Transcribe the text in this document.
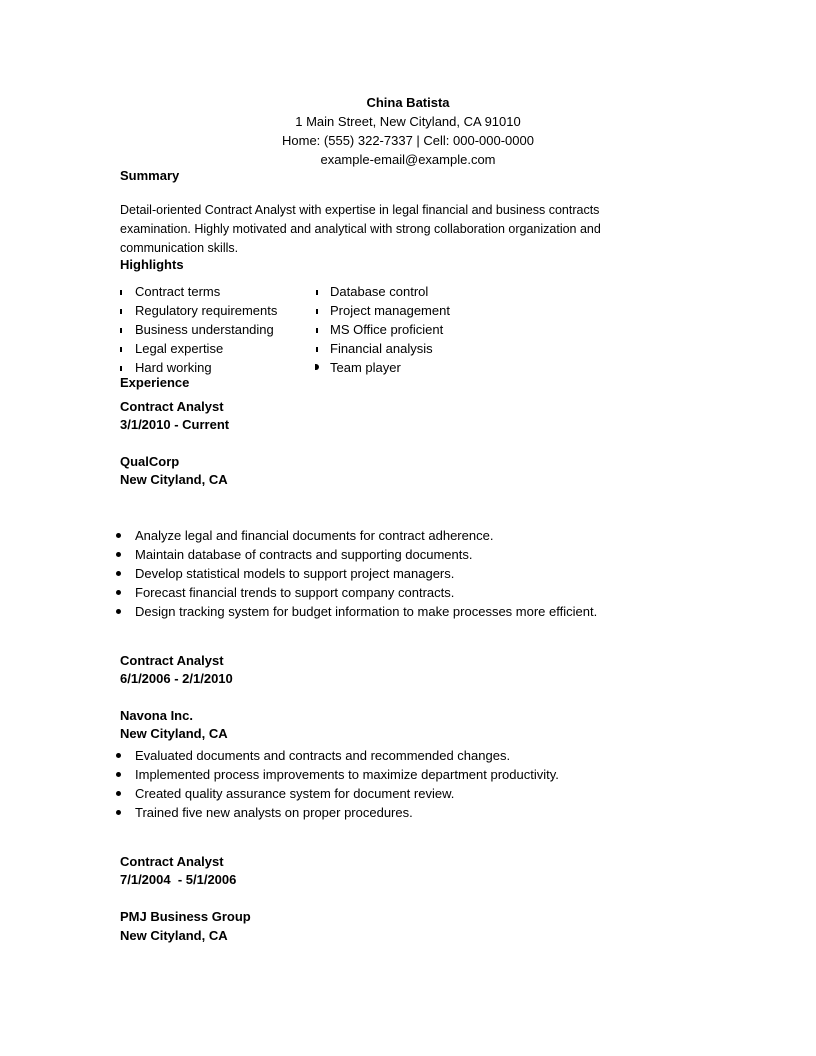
China Batista
1 Main Street, New Cityland, CA 91010
Home: (555) 322-7337 | Cell: 000-000-0000
example-email@example.com
Summary
Detail-oriented Contract Analyst with expertise in legal financial and business contracts
examination. Highly motivated and analytical with strong collaboration organization and
communication skills.
Highlights
Contract terms
Regulatory requirements
Business understanding
Legal expertise
Hard working
Database control
Project management
MS Office proficient
Financial analysis
Team player
Experience
Contract Analyst
3/1/2010 - Current
QualCorp
New Cityland, CA
Analyze legal and financial documents for contract adherence.
Maintain database of contracts and supporting documents.
Develop statistical models to support project managers.
Forecast financial trends to support company contracts.
Design tracking system for budget information to make processes more efficient.
Contract Analyst
6/1/2006 - 2/1/2010
Navona Inc.
New Cityland, CA
Evaluated documents and contracts and recommended changes.
Implemented process improvements to maximize department productivity.
Created quality assurance system for document review.
Trained five new analysts on proper procedures.
Contract Analyst
7/1/2004  - 5/1/2006
PMJ Business Group
New Cityland, CA
